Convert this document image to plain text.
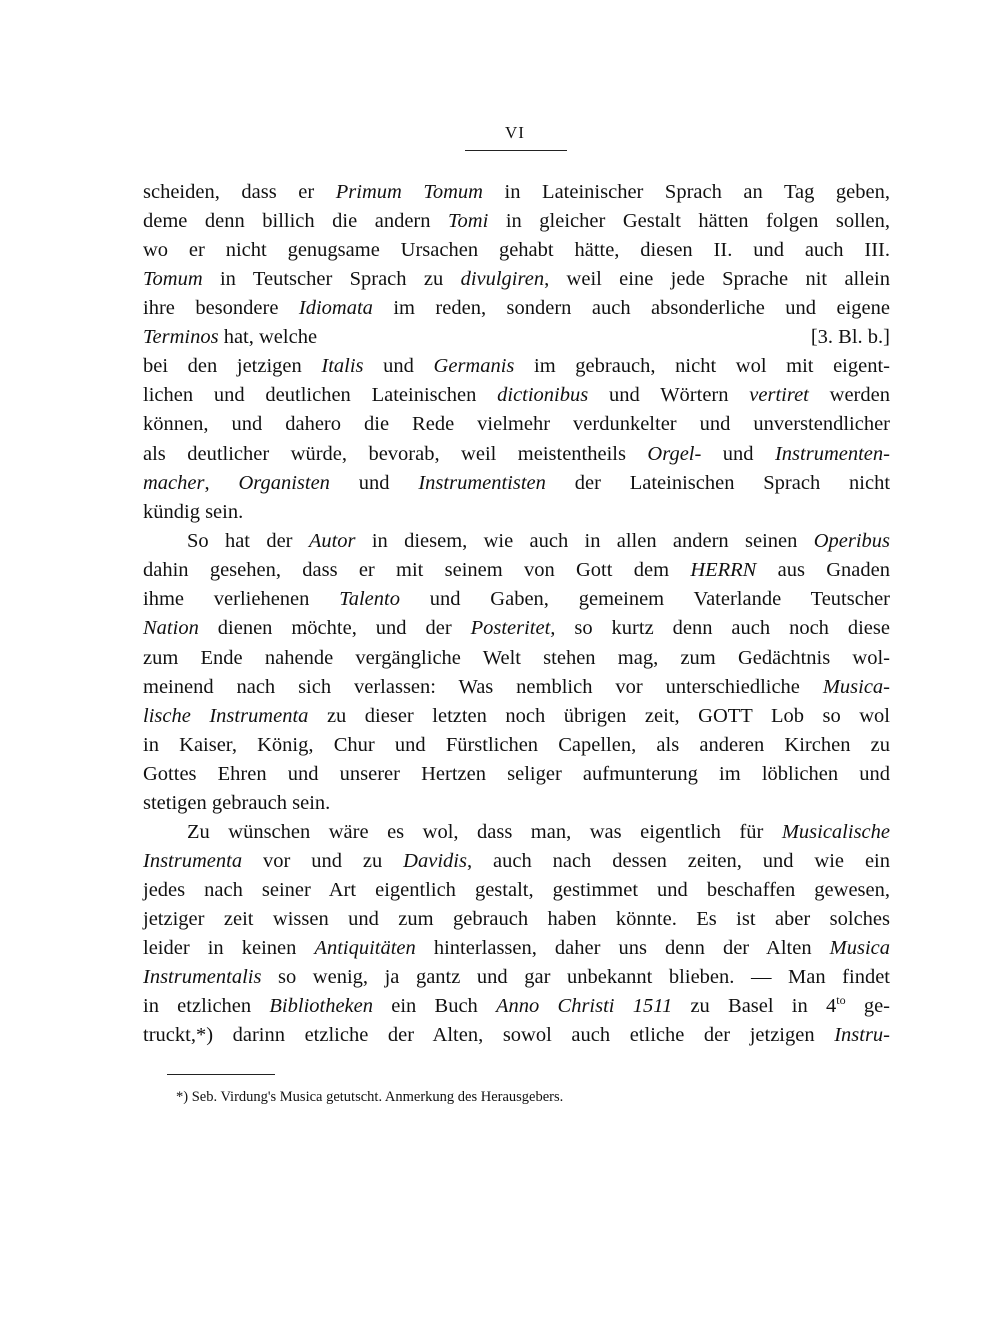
VI
scheiden, dass er Primum Tomum in Lateinischer Sprach an Tag geben,
deme denn billich die andern Tomi in gleicher Gestalt hätten folgen sollen,
wo er nicht genugsame Ursachen gehabt hätte, diesen II. und auch III.
Tomum in Teutscher Sprach zu divulgiren, weil eine jede Sprache nit allein
ihre besondere Idiomata im reden, sondern auch absonderliche und eigene
Terminos hat, welche	[3. Bl. b.]
bei den jetzigen Italis und Germanis im gebrauch, nicht wol mit eigent-
lichen und deutlichen Lateinischen dictionibus und Wörtern vertiret werden
können, und dahero die Rede vielmehr verdunkelter und unverstendlicher
als deutlicher würde, bevorab, weil meistentheils Orgel- und Instrumenten-
macher, Organisten und Instrumentisten der Lateinischen Sprach nicht
kündig sein.
So hat der Autor in diesem, wie auch in allen andern seinen Operibus
dahin gesehen, dass er mit seinem von Gott dem HERRN aus Gnaden
ihme verliehenen Talento und Gaben, gemeinem Vaterlande Teutscher
Nation dienen möchte, und der Posteritet, so kurtz denn auch noch diese
zum Ende nahende vergängliche Welt stehen mag, zum Gedächtnis wol-
meinend nach sich verlassen: Was nemblich vor unterschiedliche Musica-
lische Instrumenta zu dieser letzten noch übrigen zeit, GOTT Lob so wol
in Kaiser, König, Chur und Fürstlichen Capellen, als anderen Kirchen zu
Gottes Ehren und unserer Hertzen seliger aufmunterung im löblichen und
stetigen gebrauch sein.
Zu wünschen wäre es wol, dass man, was eigentlich für Musicalische
Instrumenta vor und zu Davidis, auch nach dessen zeiten, und wie ein
jedes nach seiner Art eigentlich gestalt, gestimmet und beschaffen gewesen,
jetziger zeit wissen und zum gebrauch haben könnte. Es ist aber solches
leider in keinen Antiquitäten hinterlassen, daher uns denn der Alten Musica
Instrumentalis so wenig, ja gantz und gar unbekannt blieben. — Man findet
in etzlichen Bibliotheken ein Buch Anno Christi 1511 zu Basel in $4^{to}$ ge-
truckt,*) darinn etzliche der Alten, sowol auch etliche der jetzigen Instru-
*) Seb. Virdung's Musica getutscht. Anmerkung des Herausgebers.
